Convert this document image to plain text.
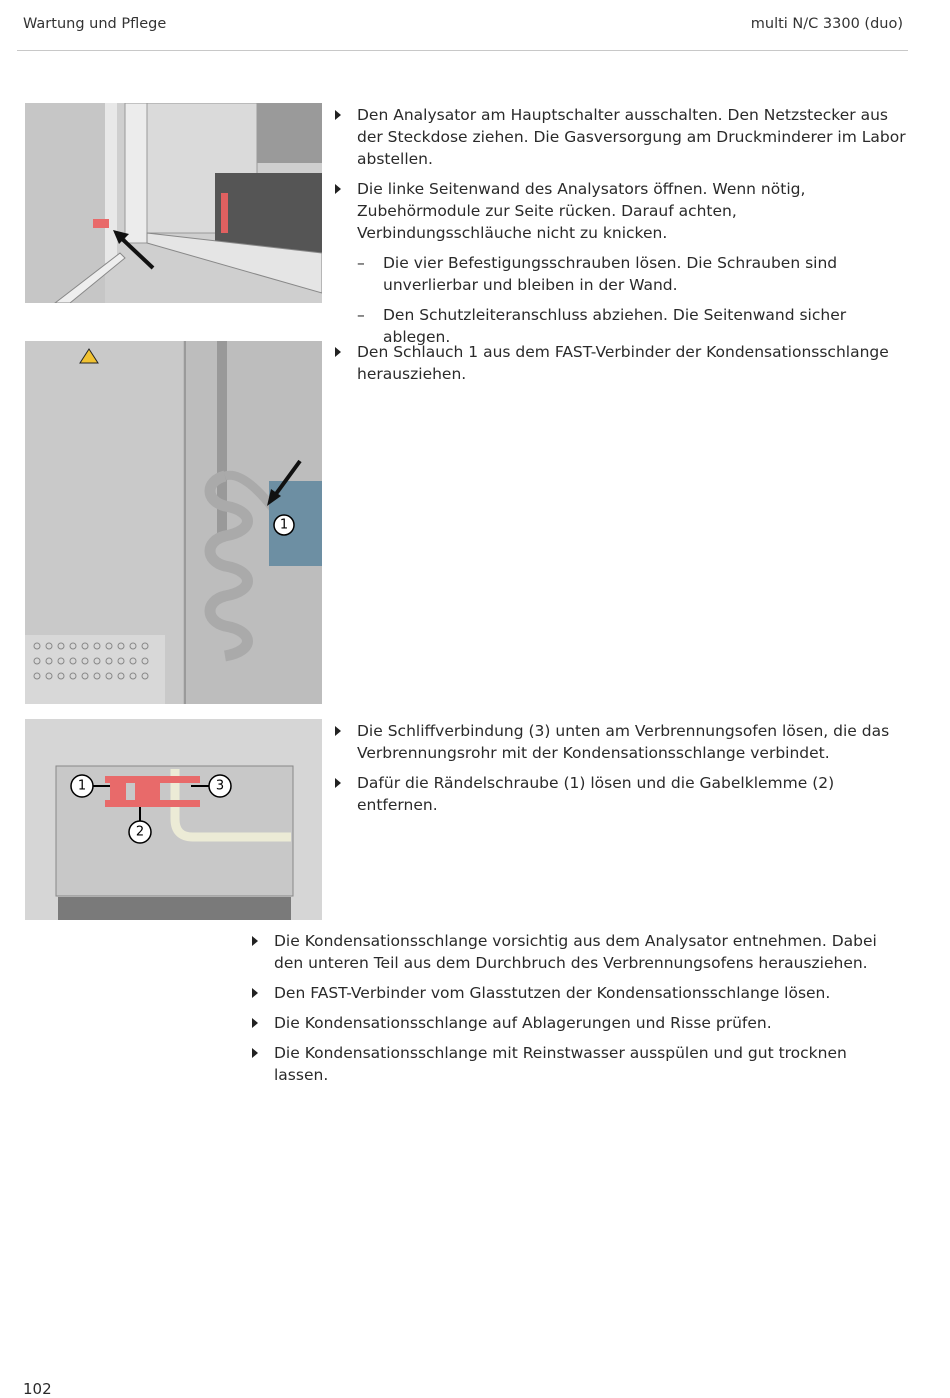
Wartung und Pflege	multi N/C 3300 (duo)
Den Analysator am Hauptschalter ausschalten. Den Netzstecker aus der Steckdose ziehen. Die Gasversorgung am Druckminderer im Labor abstellen.
Die linke Seitenwand des Analysators öffnen. Wenn nötig, Zubehörmodule zur Seite rücken. Darauf achten, Verbindungsschläuche nicht zu knicken.
– Die vier Befestigungsschrauben lösen. Die Schrauben sind unverlierbar und bleiben in der Wand.
– Den Schutzleiteranschluss abziehen. Die Seitenwand sicher ablegen.
1
Den Schlauch 1 aus dem FAST-Verbinder der Kondensationsschlange herausziehen.
1
2
3
Die Schliffverbindung (3) unten am Verbrennungsofen lösen, die das Verbrennungsrohr mit der Kondensationsschlange verbindet.
Dafür die Rändelschraube (1) lösen und die Gabelklemme (2) entfernen.
Die Kondensationsschlange vorsichtig aus dem Analysator entnehmen. Dabei den unteren Teil aus dem Durchbruch des Verbrennungsofens herausziehen.
Den FAST-Verbinder vom Glasstutzen der Kondensationsschlange lösen.
Die Kondensationsschlange auf Ablagerungen und Risse prüfen.
Die Kondensationsschlange mit Reinstwasser ausspülen und gut trocknen lassen.
102
